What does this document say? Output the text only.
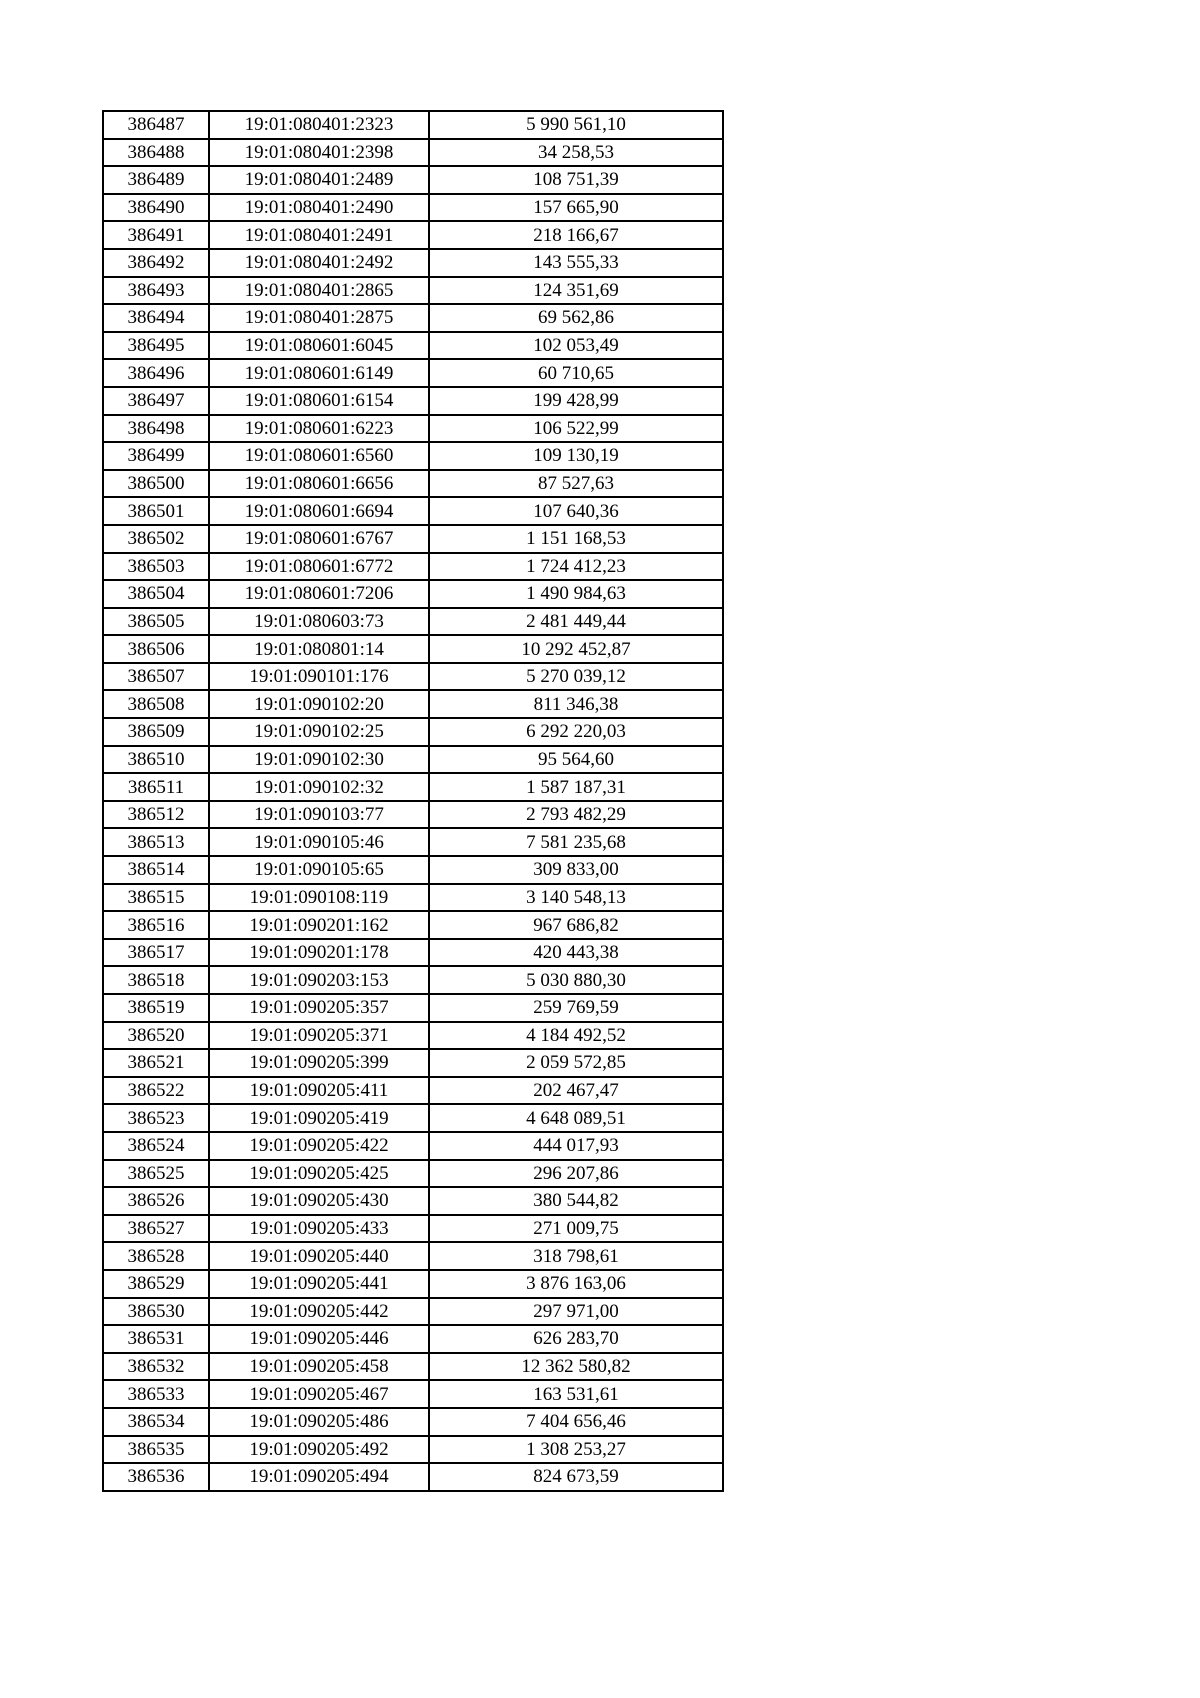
386487	19:01:080401:2323	5 990 561,10
386488	19:01:080401:2398	34 258,53
386489	19:01:080401:2489	108 751,39
386490	19:01:080401:2490	157 665,90
386491	19:01:080401:2491	218 166,67
386492	19:01:080401:2492	143 555,33
386493	19:01:080401:2865	124 351,69
386494	19:01:080401:2875	69 562,86
386495	19:01:080601:6045	102 053,49
386496	19:01:080601:6149	60 710,65
386497	19:01:080601:6154	199 428,99
386498	19:01:080601:6223	106 522,99
386499	19:01:080601:6560	109 130,19
386500	19:01:080601:6656	87 527,63
386501	19:01:080601:6694	107 640,36
386502	19:01:080601:6767	1 151 168,53
386503	19:01:080601:6772	1 724 412,23
386504	19:01:080601:7206	1 490 984,63
386505	19:01:080603:73	2 481 449,44
386506	19:01:080801:14	10 292 452,87
386507	19:01:090101:176	5 270 039,12
386508	19:01:090102:20	811 346,38
386509	19:01:090102:25	6 292 220,03
386510	19:01:090102:30	95 564,60
386511	19:01:090102:32	1 587 187,31
386512	19:01:090103:77	2 793 482,29
386513	19:01:090105:46	7 581 235,68
386514	19:01:090105:65	309 833,00
386515	19:01:090108:119	3 140 548,13
386516	19:01:090201:162	967 686,82
386517	19:01:090201:178	420 443,38
386518	19:01:090203:153	5 030 880,30
386519	19:01:090205:357	259 769,59
386520	19:01:090205:371	4 184 492,52
386521	19:01:090205:399	2 059 572,85
386522	19:01:090205:411	202 467,47
386523	19:01:090205:419	4 648 089,51
386524	19:01:090205:422	444 017,93
386525	19:01:090205:425	296 207,86
386526	19:01:090205:430	380 544,82
386527	19:01:090205:433	271 009,75
386528	19:01:090205:440	318 798,61
386529	19:01:090205:441	3 876 163,06
386530	19:01:090205:442	297 971,00
386531	19:01:090205:446	626 283,70
386532	19:01:090205:458	12 362 580,82
386533	19:01:090205:467	163 531,61
386534	19:01:090205:486	7 404 656,46
386535	19:01:090205:492	1 308 253,27
386536	19:01:090205:494	824 673,59
